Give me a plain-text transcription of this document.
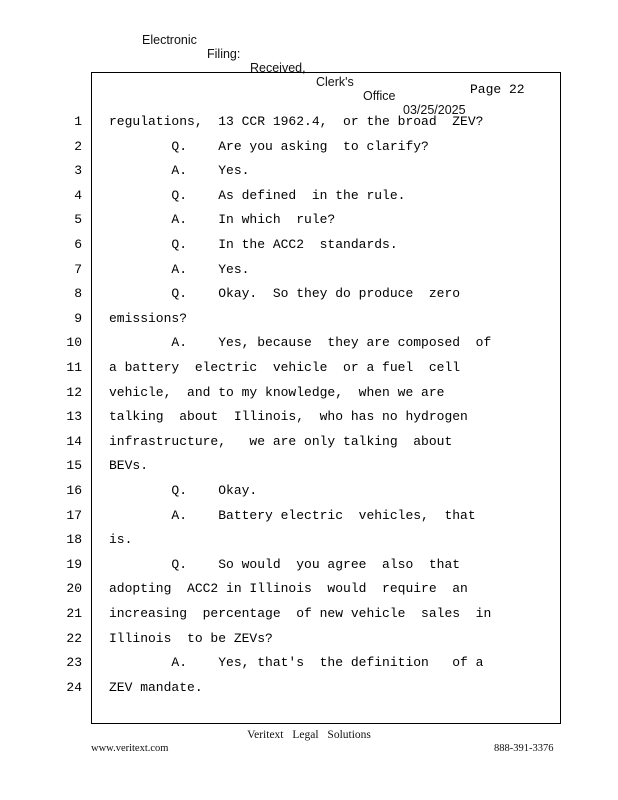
Electronic

Filing:

Received,

Clerk's

Office

03/25/2025

Page 22
1 regulations,  13 CCR 1962.4,  or the broad  ZEV?
2 Q.    Are you asking  to clarify?
3 A.    Yes.
4 Q.    As defined  in the rule.
5 A.    In which  rule?
6 Q.    In the ACC2  standards.
7 A.    Yes.
8 Q.    Okay.  So they do produce  zero
9 emissions?
10 A.    Yes, because  they are composed  of
11 a battery  electric  vehicle  or a fuel  cell
12 vehicle,  and to my knowledge,  when we are
13 talking  about  Illinois,  who has no hydrogen
14 infrastructure,   we are only talking  about
15 BEVs.
16 Q.    Okay.
17 A.    Battery electric  vehicles,  that
18 is.
19 Q.    So would  you agree  also  that
20 adopting  ACC2 in Illinois  would  require  an
21 increasing  percentage  of new vehicle  sales  in
22 Illinois  to be ZEVs?
23 A.    Yes, that's  the definition   of a
24 ZEV mandate.
Veritext Legal Solutions
www.veritext.com	888-391-3376
